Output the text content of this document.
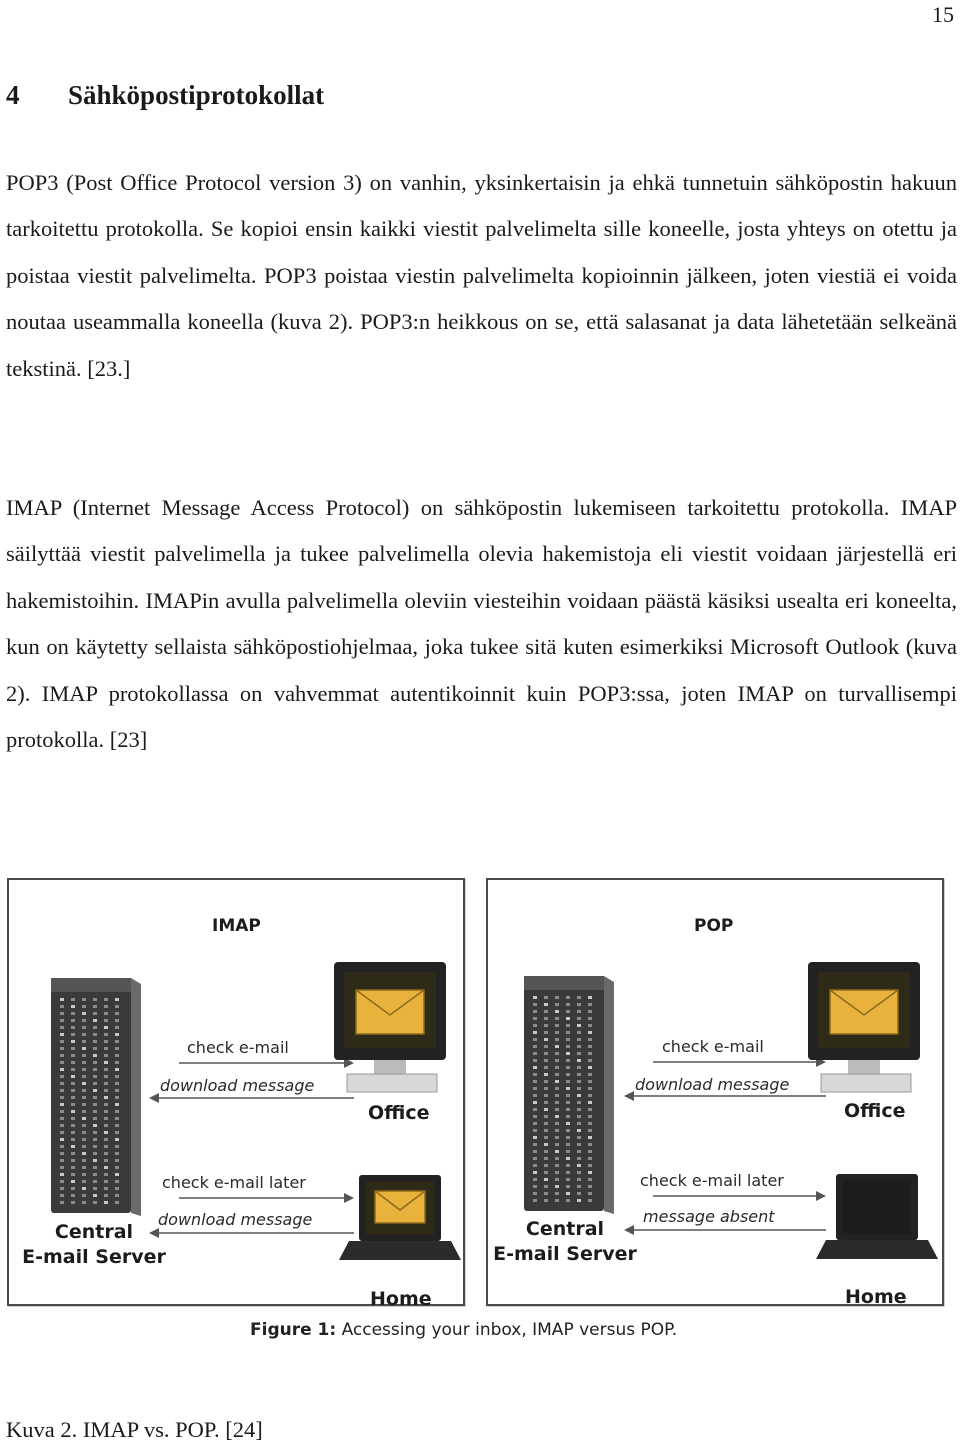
15
4 Sähköpostiprotokollat

POP3 (Post Office Protocol version 3) on vanhin, yksinkertaisin ja ehkä tunnetuin sähköpostin hakuun tarkoitettu protokolla. Se kopioi ensin kaikki viestit palvelimelta sille koneelle, josta yhteys on otettu ja poistaa viestit palvelimelta. POP3 poistaa viestin palvelimelta kopioinnin jälkeen, joten viestiä ei voida noutaa useammalla koneella (kuva 2). POP3:n heikkous on se, että salasanat ja data lähetetään selkeänä tekstinä. [23.]

IMAP (Internet Message Access Protocol) on sähköpostin lukemiseen tarkoitettu protokolla. IMAP säilyttää viestit palvelimella ja tukee palvelimella olevia hakemistoja eli viestit voidaan järjestellä eri hakemistoihin. IMAPin avulla palvelimella oleviin viesteihin voidaan päästä käsiksi usealta eri koneelta, kun on käytetty sellaista sähköpostiohjelmaa, joka tukee sitä kuten esimerkiksi Microsoft Outlook (kuva 2). IMAP protokollassa on vahvemmat autentikoinnit kuin POP3:ssa, joten IMAP on turvallisempi protokolla. [23]

IMAP
check e-mail
download message
Office
check e-mail later
download message
Home
Central
E-mail Server
POP
check e-mail
download message
Office
check e-mail later
message absent
Home
Central
E-mail Server
Figure 1: Accessing your inbox, IMAP versus POP.
Kuva 2. IMAP vs. POP. [24]
